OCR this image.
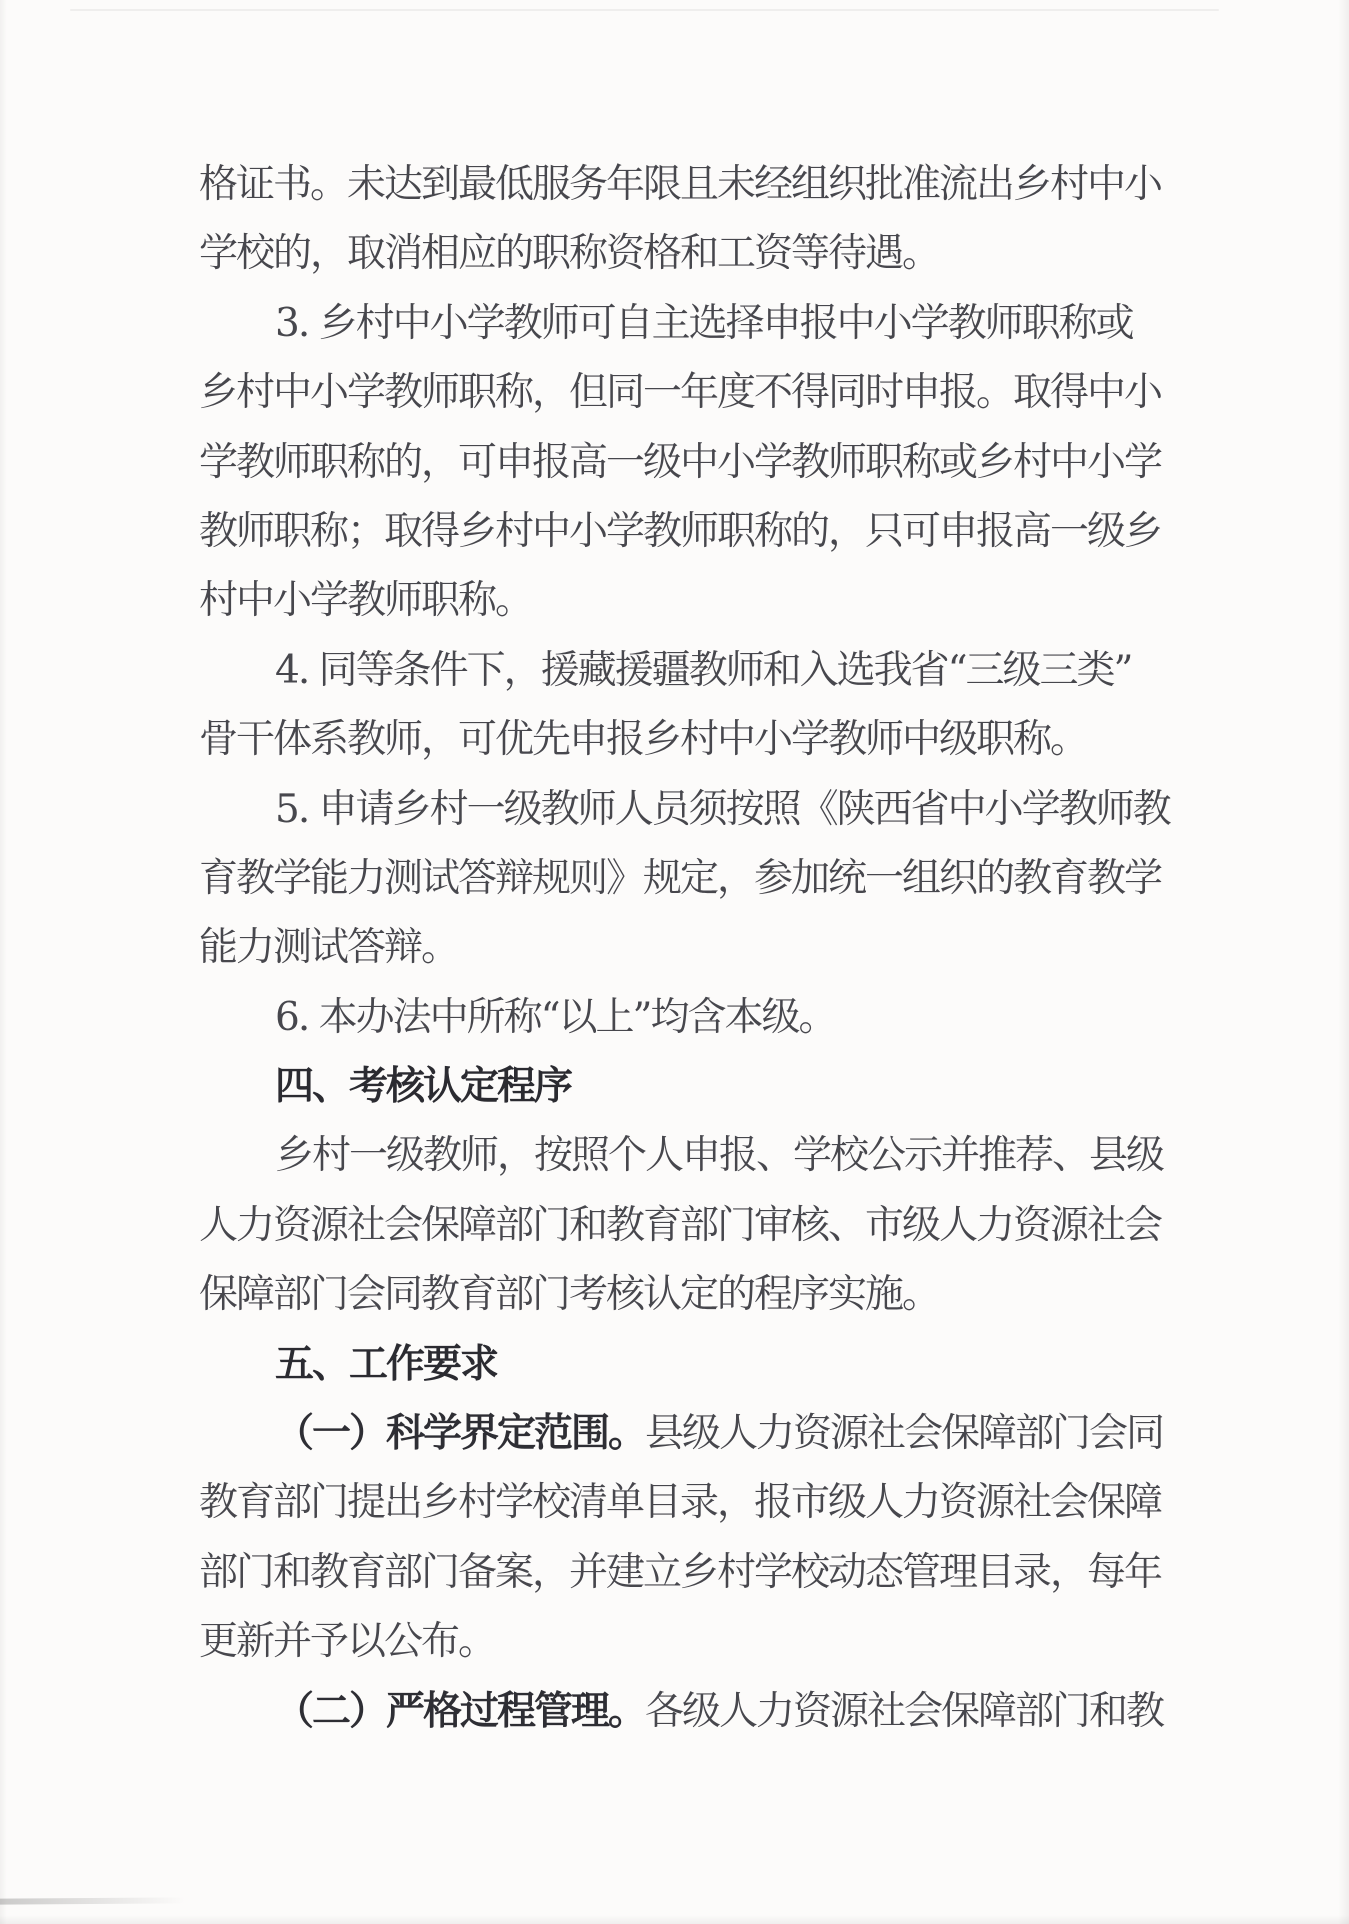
格证书。未达到最低服务年限且未经组织批准流出乡村中小
学校的，取消相应的职称资格和工资等待遇。
3. 乡村中小学教师可自主选择申报中小学教师职称或
乡村中小学教师职称，但同一年度不得同时申报。取得中小
学教师职称的，可申报高一级中小学教师职称或乡村中小学
教师职称；取得乡村中小学教师职称的，只可申报高一级乡
村中小学教师职称。
4. 同等条件下，援藏援疆教师和入选我省“三级三类”
骨干体系教师，可优先申报乡村中小学教师中级职称。
5. 申请乡村一级教师人员须按照《陕西省中小学教师教
育教学能力测试答辩规则》规定，参加统一组织的教育教学
能力测试答辩。
6. 本办法中所称“以上”均含本级。
四、考核认定程序
乡村一级教师，按照个人申报、学校公示并推荐、县级
人力资源社会保障部门和教育部门审核、市级人力资源社会
保障部门会同教育部门考核认定的程序实施。
五、工作要求
（一）科学界定范围。县级人力资源社会保障部门会同
教育部门提出乡村学校清单目录，报市级人力资源社会保障
部门和教育部门备案，并建立乡村学校动态管理目录，每年
更新并予以公布。
（二）严格过程管理。各级人力资源社会保障部门和教
